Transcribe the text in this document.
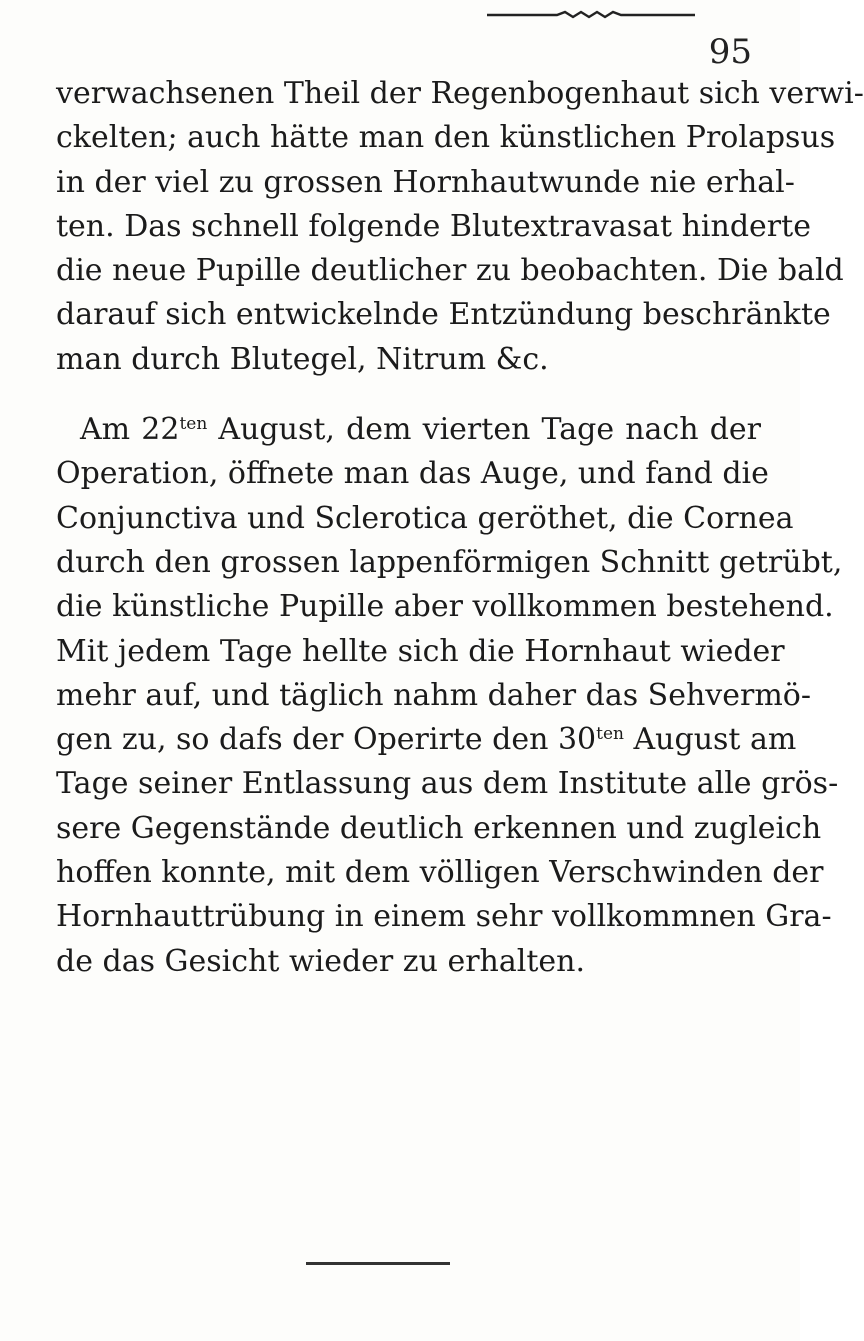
95
verwachsenen Theil der Regenbogenhaut sich verwi-
ckelten; auch hätte man den künstlichen Prolapsus
in der viel zu grossen Hornhautwunde nie erhal-
ten. Das schnell folgende Blutextravasat hinderte
die neue Pupille deutlicher zu beobachten. Die bald
darauf sich entwickelnde Entzündung beschränkte
man durch Blutegel, Nitrum &c.
Am $22^{ten}$ August, dem vierten Tage nach der
Operation, öffnete man das Auge, und fand die
Conjunctiva und Sclerotica geröthet, die Cornea
durch den grossen lappenförmigen Schnitt getrübt,
die künstliche Pupille aber vollkommen bestehend.
Mit jedem Tage hellte sich die Hornhaut wieder
mehr auf, und täglich nahm daher das Sehvermö-
gen zu, so dafs der Operirte den $30^{ten}$ August am
Tage seiner Entlassung aus dem Institute alle grös-
sere Gegenstände deutlich erkennen und zugleich
hoffen konnte, mit dem völligen Verschwinden der
Hornhauttrübung in einem sehr vollkommnen Gra-
de das Gesicht wieder zu erhalten.
